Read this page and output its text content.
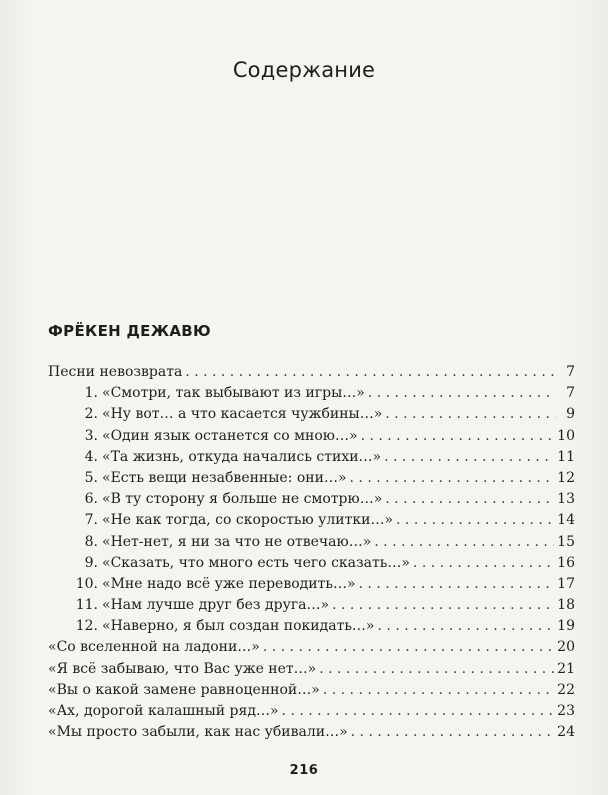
Содержание
ФРЁКЕН ДЕЖАВЮ
Песни невозврата . . .	7
1. «Смотри, так выбывают из игры…» . . .	7
2. «Ну вот… а что касается чужбины…» . . .	9
3. «Один язык останется со мною…» . . .	10
4. «Та жизнь, откуда начались стихи…» . . .	11
5. «Есть вещи незабвенные: они…» . . .	12
6. «В ту сторону я больше не смотрю…» . . .	13
7. «Не как тогда, со скоростью улитки…» . . .	14
8. «Нет-нет, я ни за что не отвечаю…» . . .	15
9. «Сказать, что много есть чего сказать…» . . .	16
10. «Мне надо всё уже переводить…» . . .	17
11. «Нам лучше друг без друга…» . . .	18
12. «Наверно, я был создан покидать…» . . .	19
«Со вселенной на ладони…» . . .	20
«Я всё забываю, что Вас уже нет…» . . .	21
«Вы о какой замене равноценной…» . . .	22
«Ах, дорогой калашный ряд…» . . .	23
«Мы просто забыли, как нас убивали…» . . .	24
216
